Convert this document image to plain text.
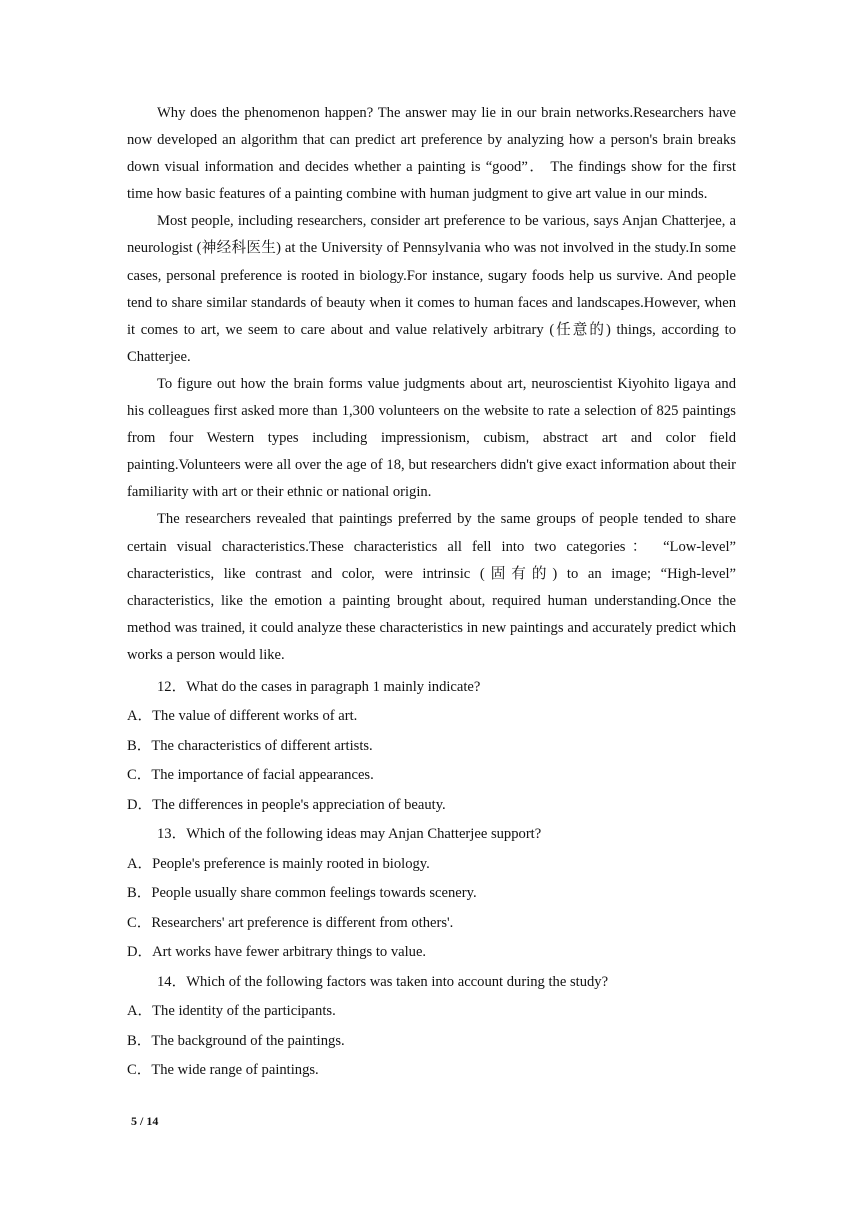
Why does the phenomenon happen? The answer may lie in our brain networks.Researchers have now developed an algorithm that can predict art preference by analyzing how a person's brain breaks down visual information and decides whether a painting is “good”． The findings show for the first time how basic features of a painting combine with human judgment to give art value in our minds.

Most people, including researchers, consider art preference to be various, says Anjan Chatterjee, a neurologist (神经科医生) at the University of Pennsylvania who was not involved in the study.In some cases, personal preference is rooted in biology.For instance, sugary foods help us survive. And people tend to share similar standards of beauty when it comes to human faces and landscapes.However, when it comes to art, we seem to care about and value relatively arbitrary (任意的) things, according to Chatterjee.

To figure out how the brain forms value judgments about art, neuroscientist Kiyohito ligaya and his colleagues first asked more than 1,300 volunteers on the website to rate a selection of 825 paintings from four Western types including impressionism, cubism, abstract art and color field painting.Volunteers were all over the age of 18, but researchers didn't give exact information about their familiarity with art or their ethnic or national origin.

The researchers revealed that paintings preferred by the same groups of people tended to share certain visual characteristics.These characteristics all fell into two categories： “Low-level” characteristics, like contrast and color, were intrinsic (固有的) to an image; “High-level” characteristics, like the emotion a painting brought about, required human understanding.Once the method was trained, it could analyze these characteristics in new paintings and accurately predict which works a person would like.

12．What do the cases in paragraph 1 mainly indicate?

A．The value of different works of art.

B．The characteristics of different artists.

C．The importance of facial appearances.

D．The differences in people's appreciation of beauty.

13．Which of the following ideas may Anjan Chatterjee support?

A．People's preference is mainly rooted in biology.

B．People usually share common feelings towards scenery.

C．Researchers' art preference is different from others'.

D．Art works have fewer arbitrary things to value.

14．Which of the following factors was taken into account during the study?

A．The identity of the participants.

B．The background of the paintings.

C．The wide range of paintings.

5 / 14
